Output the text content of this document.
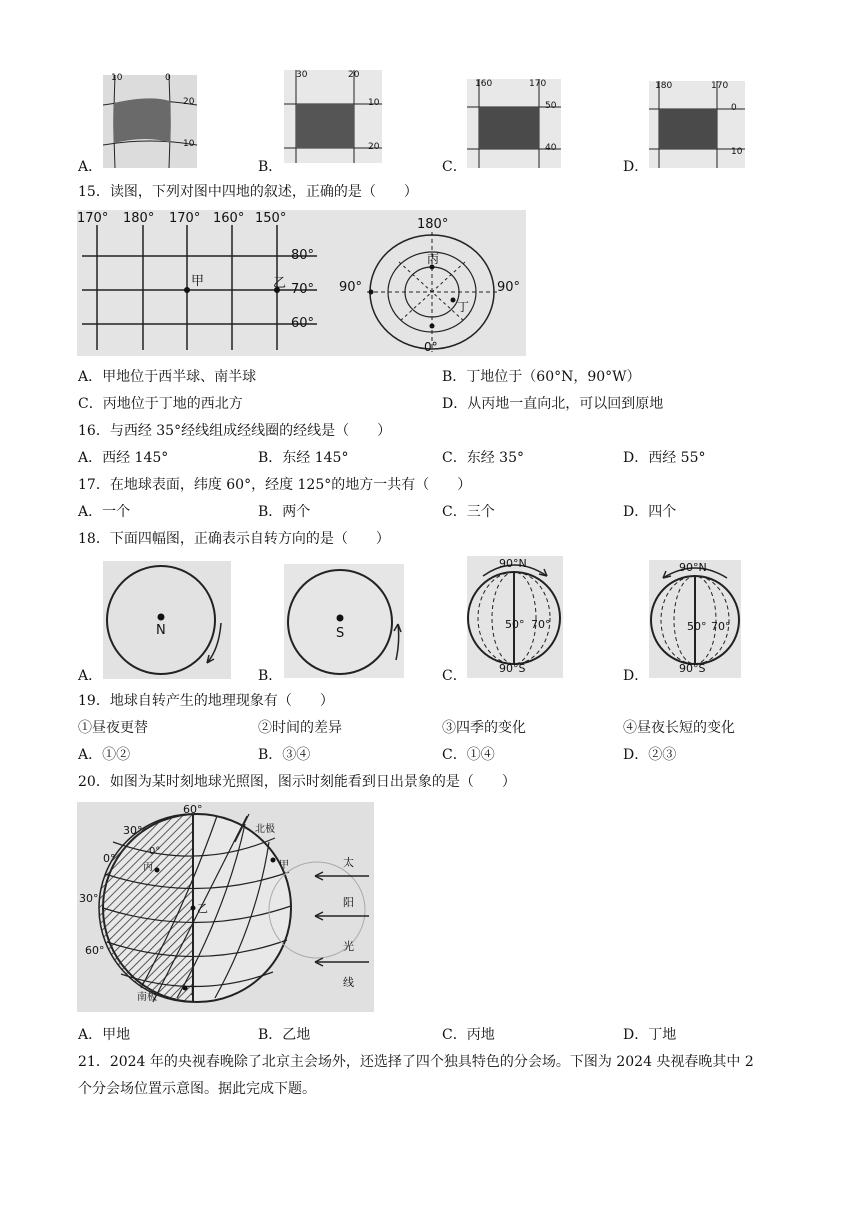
A．
10	0
20
10
B．
30	20
10
20
C．
160	170
50
40
D．
180	170
0
10
15．读图，下列对图中四地的叙述，正确的是（　　）
170° 180° 170° 160° 150°
80°
70°
60°
甲	乙
180°
90°	90°
0°
丙
丁
A．甲地位于西半球、南半球	B．丁地位于（60°N，90°W）
C．丙地位于丁地的西北方	D．从丙地一直向北，可以回到原地
16．与西经 35°经线组成经线圈的经线是（　　）
A．西经 145°	B．东经 145°	C．东经 35°	D．西经 55°
17．在地球表面，纬度 60°，经度 125°的地方一共有（　　）
A．一个	B．两个	C．三个	D．四个
18．下面四幅图，正确表示自转方向的是（　　）
A．
N
B．
S
C．
90°N
90°S
50° 70°
D．
90°N
90°S
50° 70°
19．地球自转产生的地理现象有（　　）
①昼夜更替	②时间的差异	③四季的变化	④昼夜长短的变化
A．①②	B．③④	C．①④	D．②③
20．如图为某时刻地球光照图，图示时刻能看到日出景象的是（　　）
60°
30°
0°
30°
60°
北极
南极
甲
乙
丙
丁
0°
太
阳
光
线
A．甲地	B．乙地	C．丙地	D．丁地
21．2024 年的央视春晚除了北京主会场外，还选择了四个独具特色的分会场。下图为 2024 央视春晚其中 2
个分会场位置示意图。据此完成下题。
